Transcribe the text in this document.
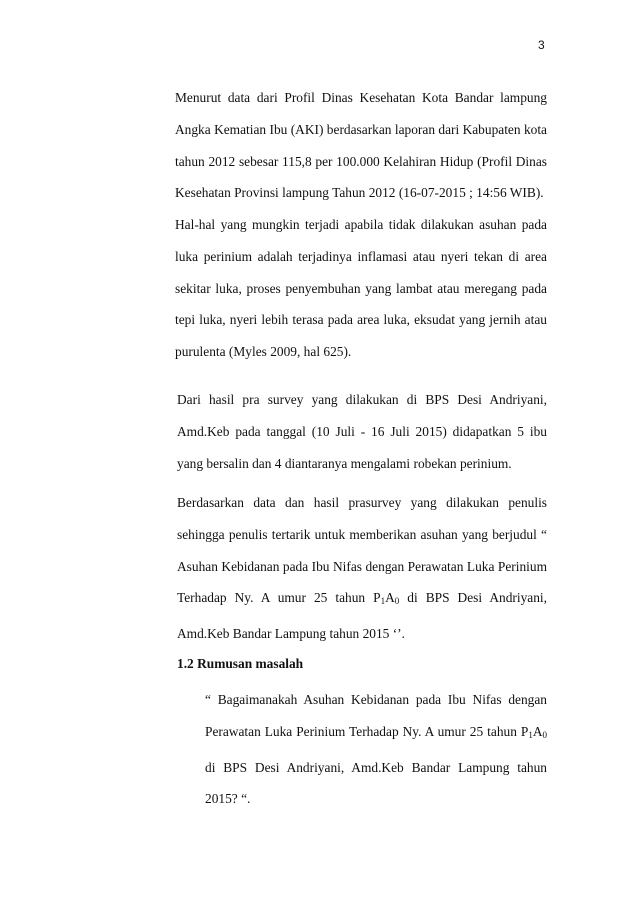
3
Menurut data dari Profil Dinas Kesehatan Kota Bandar lampung Angka Kematian Ibu (AKI) berdasarkan laporan dari Kabupaten kota tahun 2012 sebesar 115,8 per 100.000 Kelahiran Hidup (Profil Dinas Kesehatan Provinsi lampung Tahun 2012 (16-07-2015 ; 14:56 WIB).
Hal-hal yang mungkin terjadi apabila tidak dilakukan asuhan pada luka perinium adalah terjadinya inflamasi atau nyeri tekan di area sekitar luka, proses penyembuhan yang lambat atau meregang pada tepi luka, nyeri lebih terasa pada area luka, eksudat yang jernih atau purulenta (Myles 2009, hal 625).
Dari hasil pra survey yang dilakukan di BPS Desi Andriyani, Amd.Keb pada tanggal (10 Juli - 16 Juli 2015) didapatkan 5 ibu yang bersalin dan 4 diantaranya mengalami robekan perinium.
Berdasarkan data dan hasil prasurvey yang dilakukan penulis sehingga penulis tertarik untuk memberikan asuhan yang berjudul “ Asuhan Kebidanan pada Ibu Nifas dengan Perawatan Luka Perinium Terhadap Ny. A umur 25 tahun $P_1A_0$ di BPS Desi Andriyani, Amd.Keb Bandar Lampung tahun 2015 ‘’.
1.2 Rumusan masalah
“ Bagaimanakah Asuhan Kebidanan pada Ibu Nifas dengan Perawatan Luka Perinium Terhadap Ny. A umur 25 tahun $P_1A_0$ di BPS Desi Andriyani, Amd.Keb Bandar Lampung tahun 2015? “.
